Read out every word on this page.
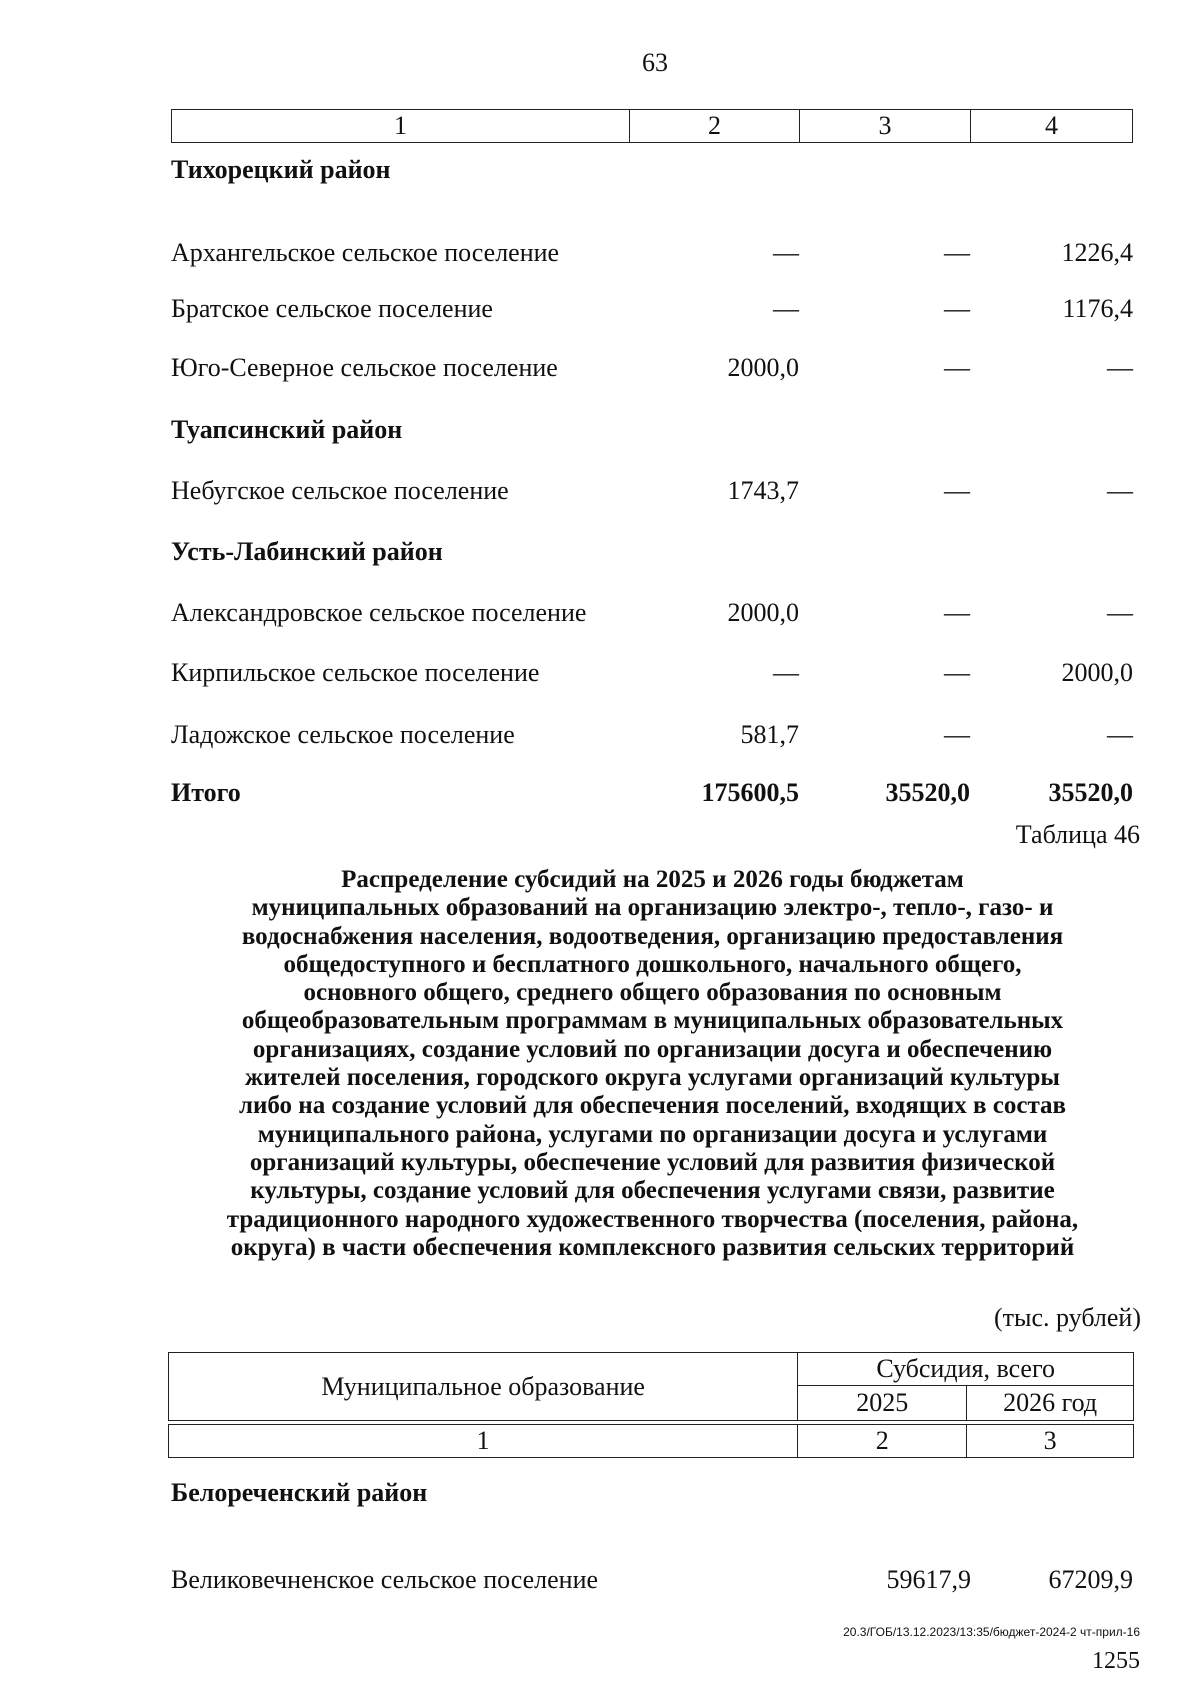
63
1	2	3	4
Тихорецкий район
Архангельское сельское поселение	—	—	1226,4
Братское сельское поселение	—	—	1176,4
Юго-Северное сельское поселение	2000,0	—	—
Туапсинский район
Небугское сельское поселение	1743,7	—	—
Усть-Лабинский район
Александровское сельское поселение	2000,0	—	—
Кирпильское сельское поселение	—	—	2000,0
Ладожское сельское поселение	581,7	—	—
Итого	175600,5	35520,0	35520,0
Таблица 46
Распределение субсидий на 2025 и 2026 годы бюджетам
муниципальных образований на организацию электро-, тепло-, газо- и
водоснабжения населения, водоотведения, организацию предоставления
общедоступного и бесплатного дошкольного, начального общего,
основного общего, среднего общего образования по основным
общеобразовательным программам в муниципальных образовательных
организациях, создание условий по организации досуга и обеспечению
жителей поселения, городского округа услугами организаций культуры
либо на создание условий для обеспечения поселений, входящих в состав
муниципального района, услугами по организации досуга и услугами
организаций культуры, обеспечение условий для развития физической
культуры, создание условий для обеспечения услугами связи, развитие
традиционного народного художественного творчества (поселения, района,
округа) в части обеспечения комплексного развития сельских территорий
(тыс. рублей)
Муниципальное образование	Субсидия, всего	
	2025	2026 год

1	2	3
Белореченский район
Великовечненское сельское поселение	59617,9	67209,9
20.3/ГОБ/13.12.2023/13:35/бюджет-2024-2 чт-прил-16
1255
